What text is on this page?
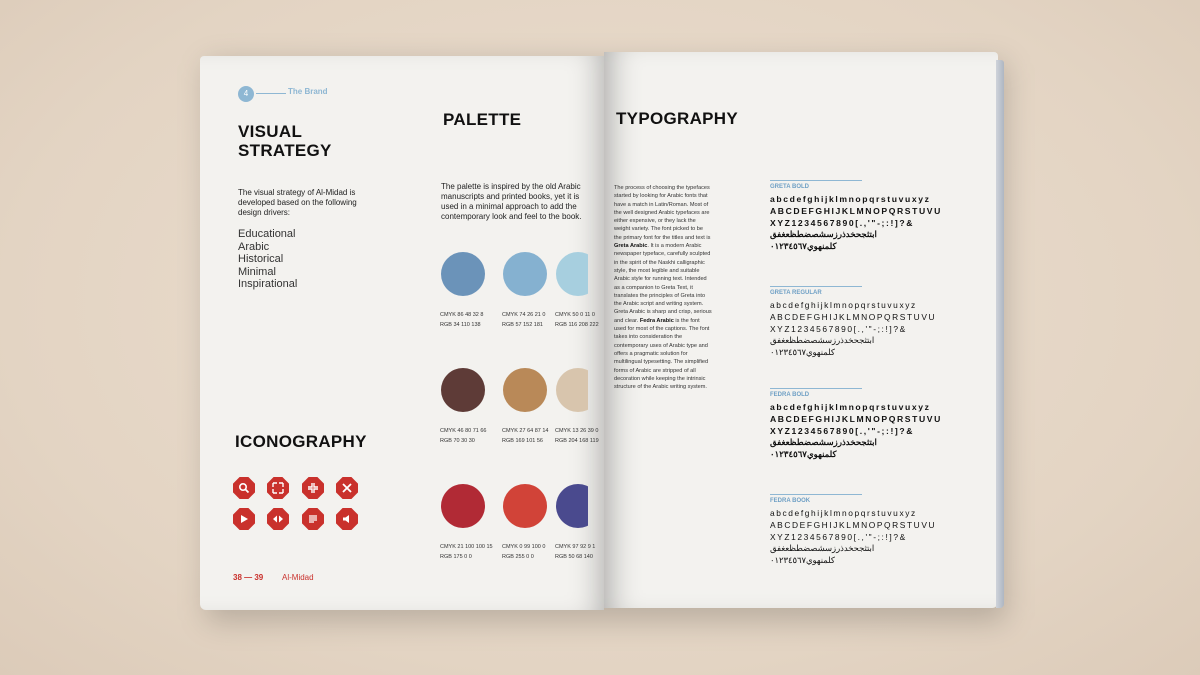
4	The Brand
VISUAL
STRATEGY
The visual strategy of Al-Midad is developed based on the following design drivers:
Educational
Arabic
Historical
Minimal
Inspirational
PALETTE
The palette is inspired by the old Arabic manuscripts and printed books, yet it is used in a minimal approach to add the contemporary look and feel to the book.
CMYK 86 48 32 8
RGB 34 110 138
CMYK 74 26 21 0
RGB 57 152 181
CMYK 50 0 11 0
RGB 116 208 222
CMYK 46 80 71 66
RGB 70 30 30
CMYK 27 64 87 14
RGB 169 101 56
CMYK 13 26 39 0
RGB 204 168 119
CMYK 21 100 100 15
RGB 175 0 0
CMYK 0 99 100 0
RGB 255 0 0
CMYK 97 92 9 1
RGB 50 68 140
ICONOGRAPHY
38 — 39 Al-Midad
TYPOGRAPHY
The process of choosing the typefaces started by looking for Arabic fonts that have a match in Latin/Roman. Most of the well designed Arabic typefaces are either expensive, or they lack the weight variety. The font picked to be the primary font for the titles and text is Greta Arabic. It is a modern Arabic newspaper typeface, carefully sculpted in the spirit of the Naskhi calligraphic style, the most legible and suitable Arabic style for running text. Intended as a companion to Greta Text, it translates the principles of Greta into the Arabic script and writing system. Greta Arabic is sharp and crisp, serious and clear. Fedra Arabic is the font used for most of the captions. The font takes into consideration the contemporary uses of Arabic type and offers a pragmatic solution for multilingual typesetting. The simplified forms of Arabic are stripped of all decoration while keeping the intrinsic structure of the Arabic writing system.
GRETA BOLD
abcdefghijklmnopqrstuvuxyz
ABCDEFGHIJKLMNOPQRSTUVU
XYZ1234567890[.,'"-;:!]?&
ابتثجحخدذرزسشصضطظعغفق
كلمنهوي٠١٢٣٤٥٦٧
GRETA REGULAR
abcdefghijklmnopqrstuvuxyz
ABCDEFGHIJKLMNOPQRSTUVU
XYZ1234567890[.,'"-;:!]?&
ابتثجحخدذرزسشصضطظعغفق
كلمنهوي٠١٢٣٤٥٦٧
FEDRA BOLD
abcdefghijklmnopqrstuvuxyz
ABCDEFGHIJKLMNOPQRSTUVU
XYZ1234567890[.,'"-;:!]?&
ابتثجحخدذرزسشصضطظعغفق
كلمنهوي٠١٢٣٤٥٦٧
FEDRA BOOK
abcdefghijklmnopqrstuvuxyz
ABCDEFGHIJKLMNOPQRSTUVU
XYZ1234567890[.,'"-;:!]?&
ابتثجحخدذرزسشصضطظعغفق
كلمنهوي٠١٢٣٤٥٦٧
